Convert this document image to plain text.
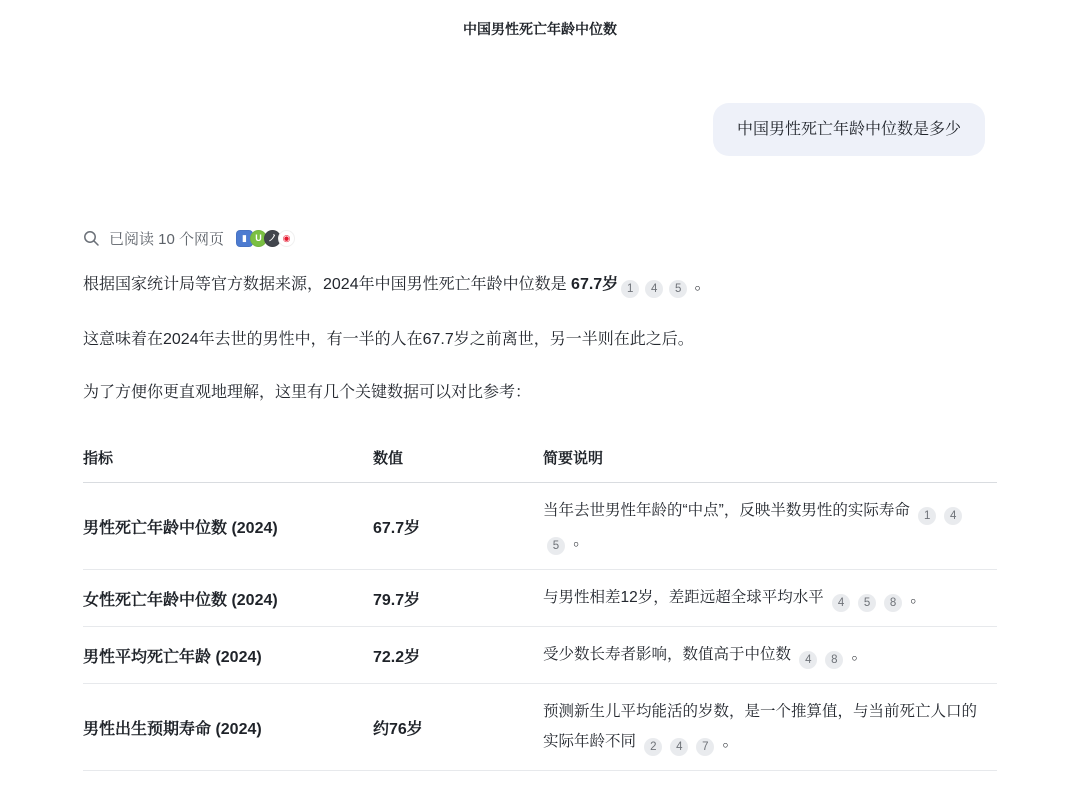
中国男性死亡年龄中位数
中国男性死亡年龄中位数是多少
已阅读 10 个网页	▮ U ノ ◉

根据国家统计局等官方数据来源，2024年中国男性死亡年龄中位数是 67.7岁 1 4 5 。

这意味着在2024年去世的男性中，有一半的人在67.7岁之前离世，另一半则在此之后。

为了方便你更直观地理解，这里有几个关键数据可以对比参考：

指标	数值	简要说明
男性死亡年龄中位数 (2024)	67.7岁	当年去世男性年龄的“中点”，反映半数男性的实际寿命 1 45 。
女性死亡年龄中位数 (2024)	79.7岁	与男性相差12岁，差距远超全球平均水平 4 5 8 。
男性平均死亡年龄 (2024)	72.2岁	受少数长寿者影响，数值高于中位数 4 8 。
男性出生预期寿命 (2024)	约76岁	预测新生儿平均能活的岁数，是一个推算值，与当前死亡人口的实际年龄不同 2 4 7 。
